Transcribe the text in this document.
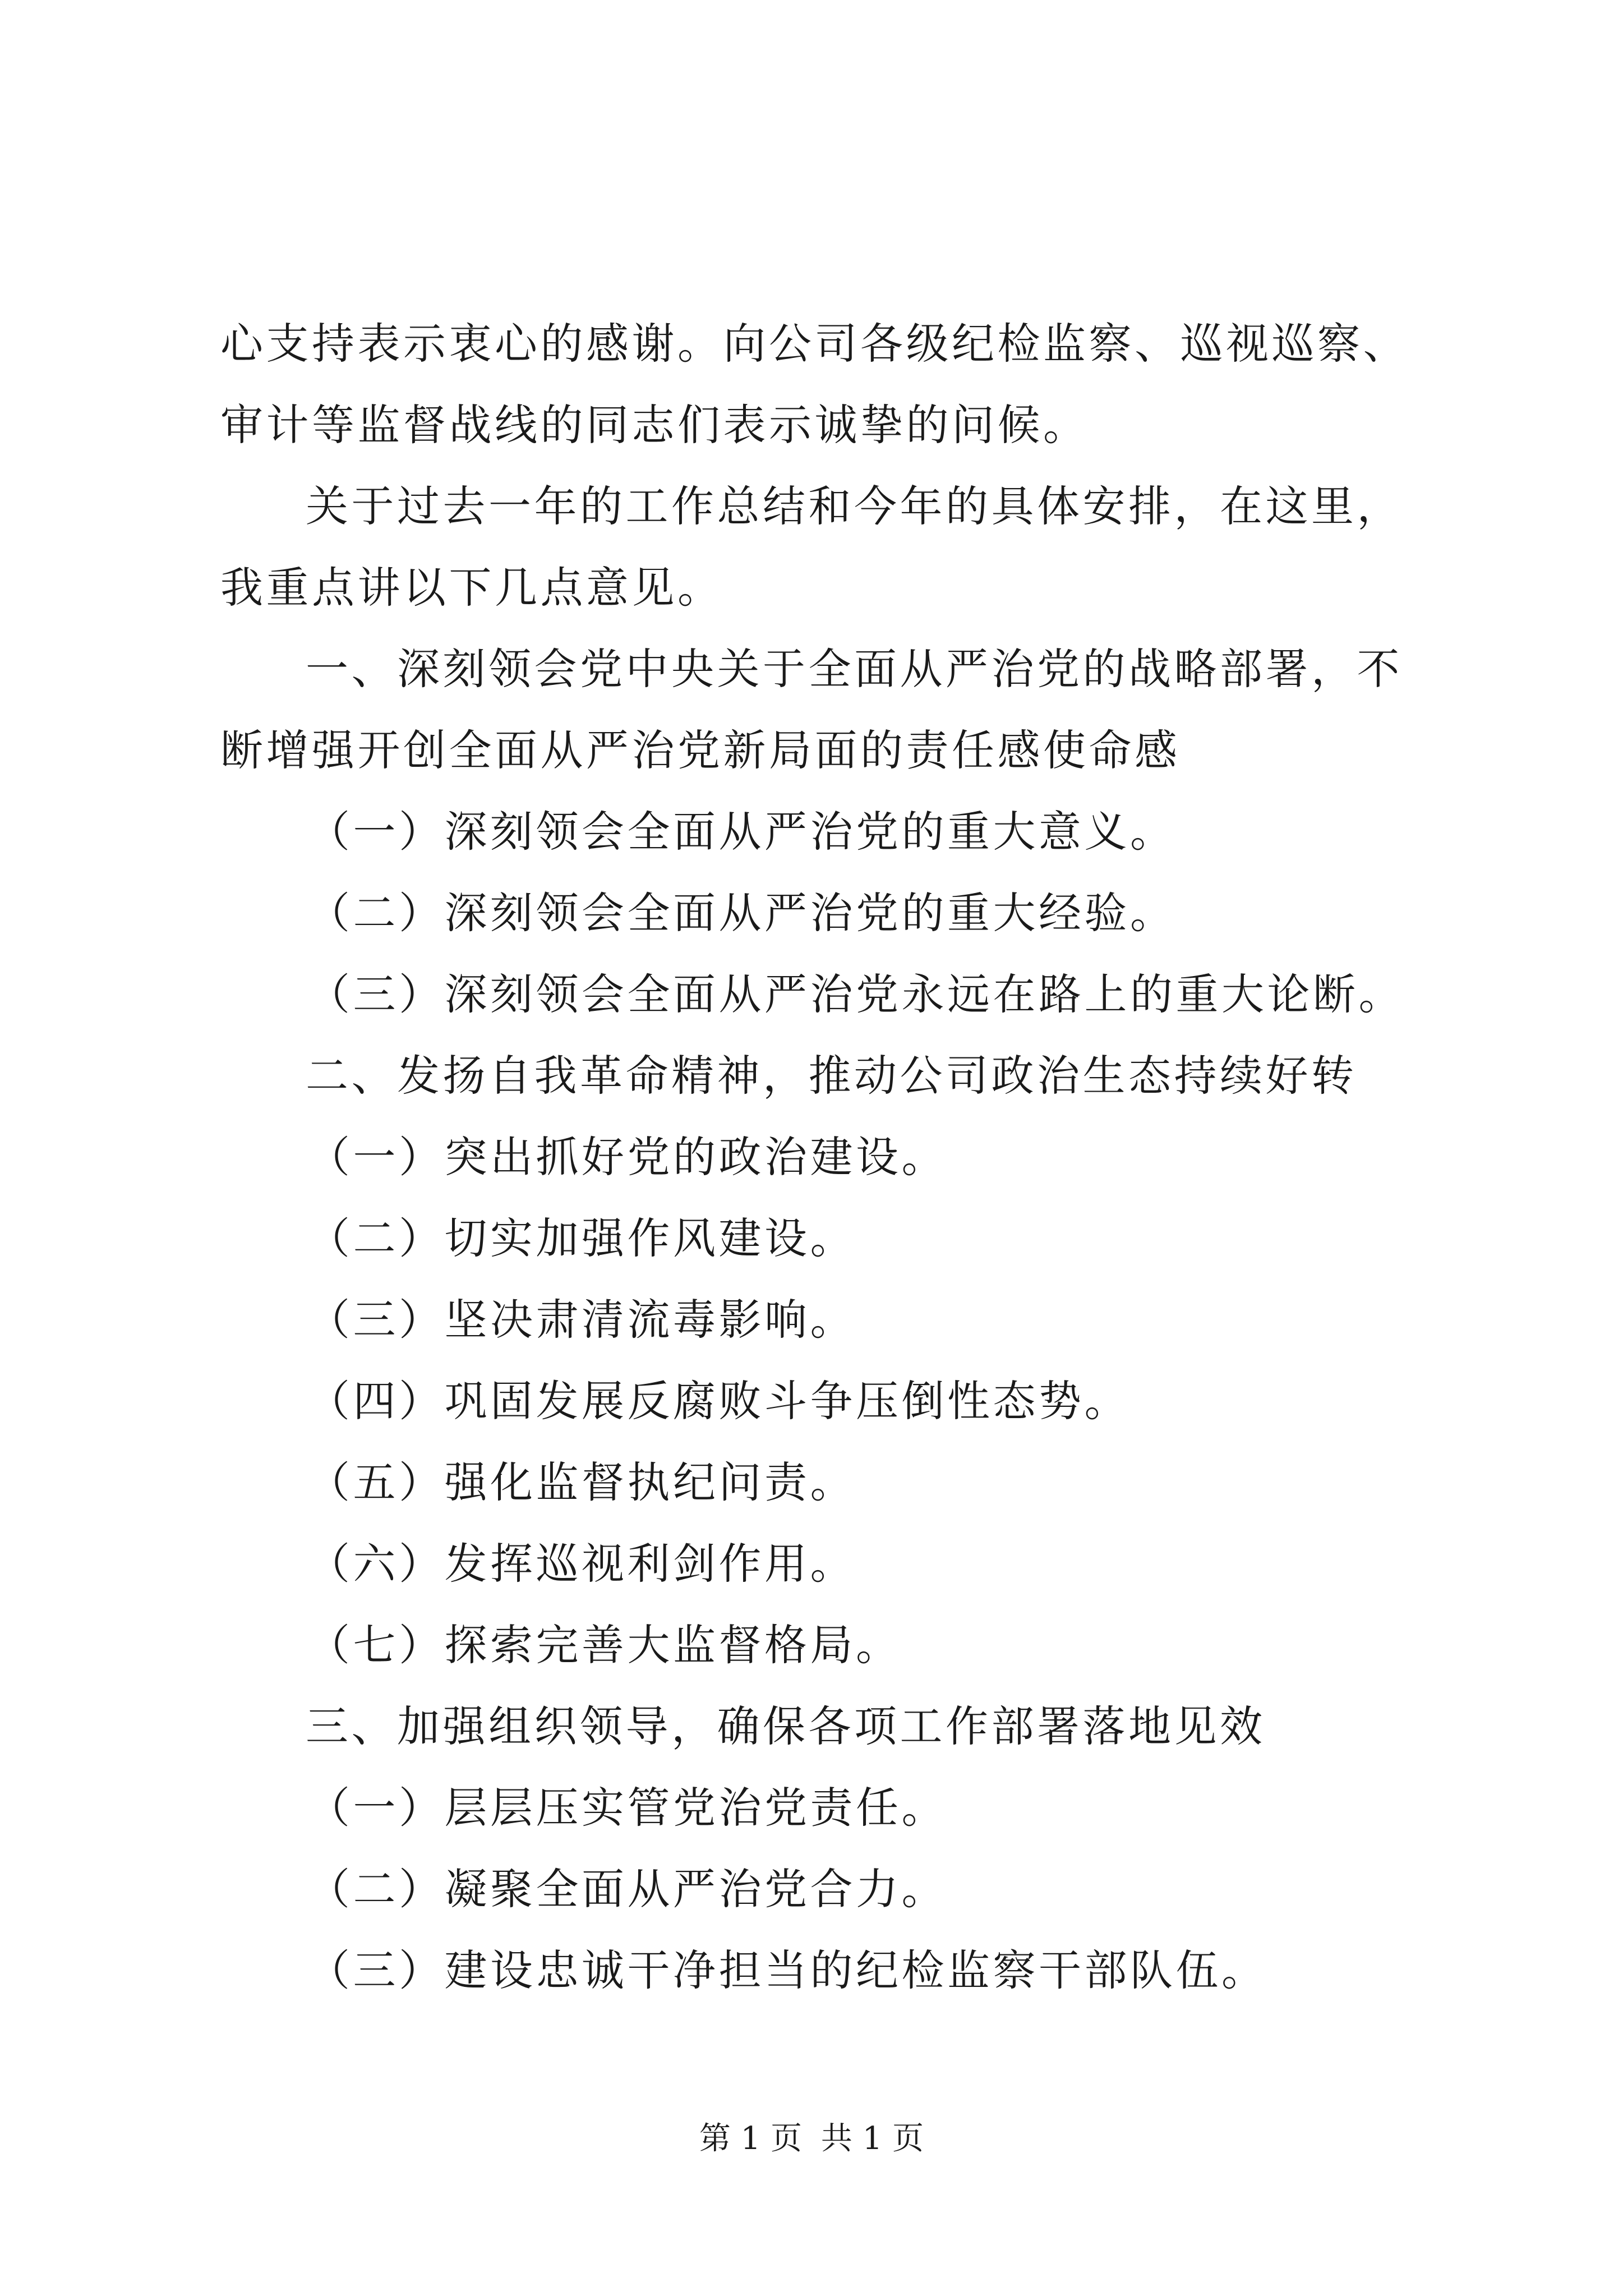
心支持表示衷心的感谢。向公司各级纪检监察、巡视巡察、审计等监督战线的同志们表示诚挚的问候。

关于过去一年的工作总结和今年的具体安排，在这里，我重点讲以下几点意见。

一、深刻领会党中央关于全面从严治党的战略部署，不断增强开创全面从严治党新局面的责任感使命感

（一）深刻领会全面从严治党的重大意义。

（二）深刻领会全面从严治党的重大经验。

（三）深刻领会全面从严治党永远在路上的重大论断。

二、发扬自我革命精神，推动公司政治生态持续好转

（一）突出抓好党的政治建设。

（二）切实加强作风建设。

（三）坚决肃清流毒影响。

（四）巩固发展反腐败斗争压倒性态势。

（五）强化监督执纪问责。

（六）发挥巡视利剑作用。

（七）探索完善大监督格局。

三、加强组织领导，确保各项工作部署落地见效

（一）层层压实管党治党责任。

（二）凝聚全面从严治党合力。

（三）建设忠诚干净担当的纪检监察干部队伍。

第 1 页 共 1 页
